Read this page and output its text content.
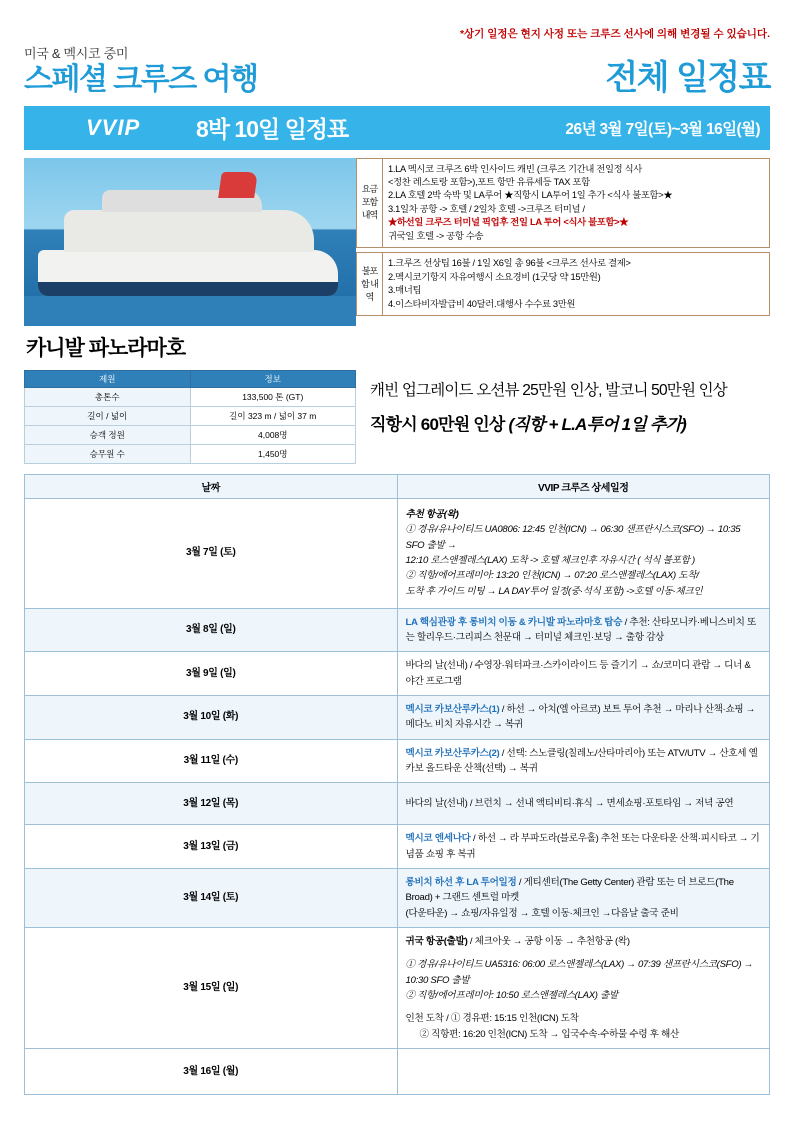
*상기 일정은 현지 사정 또는 크루즈 선사에 의해 변경될 수 있습니다.
미국 & 멕시코 중미
스페셜 크루즈 여행	전체 일정표
VVIP	8박 10일 일정표	26년 3월 7일(토)~3월 16일(월)
카니발 파노라마호
요금 포함 내역	
1.LA 멕시코 크루즈 6박 인사이드 캐빈 (크루즈 기간내 전일정 식사
<정찬 레스토랑 포함>),포트 항만 유류세등 TAX 포함
2.LA 호텔 2박 숙박 및 LA루어 ★직항시 LA투어 1일 추가 <식사 불포함>★
3.1일차 공항 -> 호텔 / 2일차 호텔 ->크루즈 터미널 /
★하선일 크루즈 터미널 픽업후 전일 LA 투어 <식사 불포함>★
귀국일 호텔 -> 공항 수송
불포함 내역	
1.크루즈 선상팁 16불 / 1일 X6일 총 96불 <크루즈 선사로 결제>
2.멕시코기항지 자유여행시 소요경비 (1굿당 약 15만원)
3.매너팁
4.이스타비자발급비 40달러.대행사 수수료 3만원
제원	정보
총톤수	133,500 톤 (GT)
길이 / 넓이	길이 323 m / 넓이 37 m
승객 정원	4,008명
승무원 수	1,450명
캐빈 업그레이드 오션뷰 25만원 인상, 발코니 50만원 인상
직항시 60만원 인상 (직항 + L.A투어 1일 추가)
날짜	VVIP 크루즈 상세일정
3월 7일 (토)	추천 항공(왁)
① 경유/유나이티드 UA0806: 12:45 인천(ICN) → 06:30 샌프란시스코(SFO) → 10:35 SFO 출발 →
12:10 로스앤젤레스(LAX) 도착 -> 호텔 체크인후 자유시간 ( 석식 불포함 )
② 직항/에어프레미아: 13:20 인천(ICN) → 07:20 로스앤젤레스(LAX) 도착/
도착 후 가이드 미팅 → LA DAY투어 일정(중·석식 포함) ->호텔 이동·체크인

3월 8일 (일)	LA 핵심관광 후 롱비치 이동 & 카니발 파노라마호 탑승 / 추천: 산타모니카·베니스비치 또는 할리우드·그리피스 천문대 → 터미널 체크인·보딩 → 출항 감상
3월 9일 (일)	바다의 날(선내) / 수영장·워터파크·스카이라이드 등 즐기기 → 쇼/코미디 관람 → 디너 & 야간 프로그램
3월 10일 (화)	멕시코 카보산루카스(1) / 하선 → 아치(엘 아르코) 보트 투어 추천 → 마리나 산책·쇼핑 → 메다노 비치 자유시간 → 복귀
3월 11일 (수)	멕시코 카보산루카스(2) / 선택: 스노클링(칠레노/산타마리아) 또는 ATV/UTV → 산호세 옐 카보 올드타운 산책(선택) → 복귀
3월 12일 (목)	바다의 날(선내) / 브런치 → 선내 액티비티·휴식 → 면세쇼핑·포토타임 → 저녁 공연
3월 13일 (금)	멕시코 엔세나다 / 하선 → 라 부파도라(블로우홀) 추천 또는 다운타운 산책·피시타코 → 기념품 쇼핑 후 복귀
3월 14일 (토)	롱비치 하선 후 LA 투어일정 / 게티센터(The Getty Center) 관람 또는 더 브로드(The Broad) + 그랜드 센트럴 마켓
(다운타운) → 쇼핑/자유일정 → 호텔 이동·체크인 →다음날 출국 준비

3월 15일 (일)	귀국 항공(출발) / 체크아웃 → 공항 이동 → 추천항공 (왁)
① 경유/유나이티드 UA5316: 06:00 로스앤젤레스(LAX) → 07:39 샌프란시스코(SFO) → 10:30 SFO 출발
② 직항/에어프레미아: 10:50 로스앤젤레스(LAX) 출발
인천 도착 / ① 경유편: 15:15 인천(ICN) 도착
② 직항편: 16:20 인천(ICN) 도착 → 입국수속·수하물 수령 후 해산

3월 16일 (월)	
